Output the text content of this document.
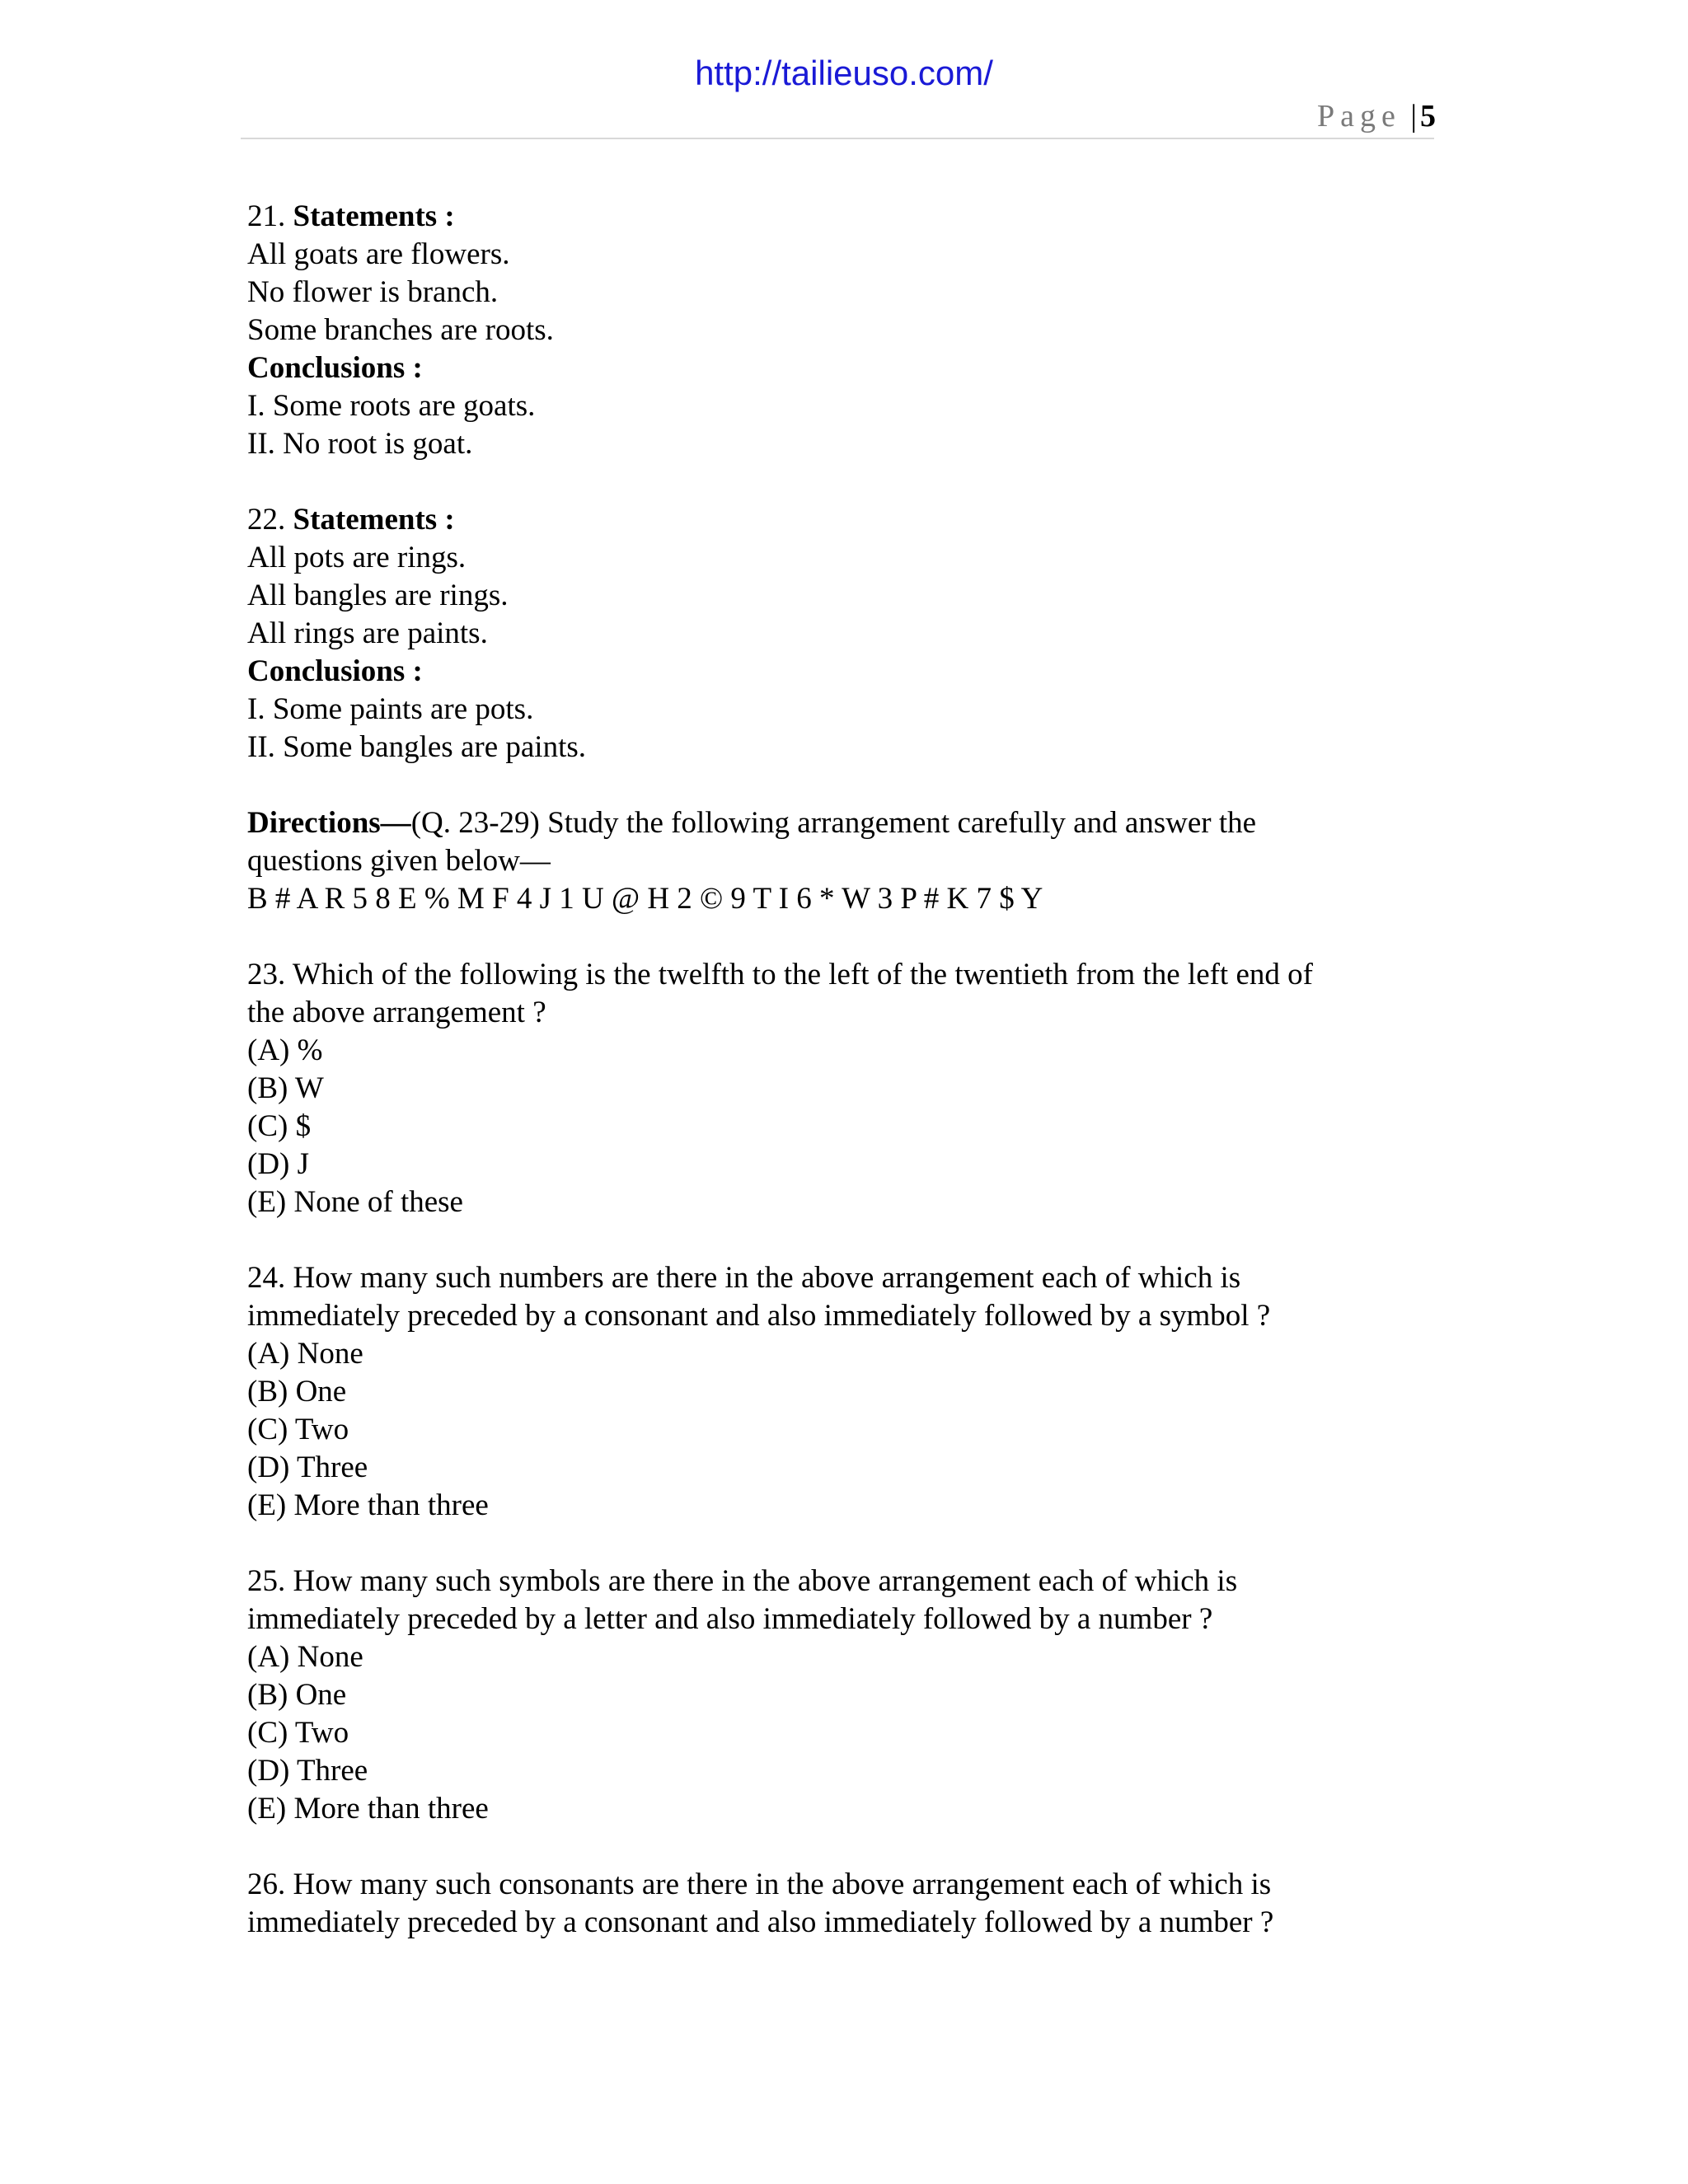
http://tailieuso.com/
Page | 5
21. Statements :
All goats are flowers.
No flower is branch.
Some branches are roots.
Conclusions :
I. Some roots are goats.
II. No root is goat.
22. Statements :
All pots are rings.
All bangles are rings.
All rings are paints.
Conclusions :
I. Some paints are pots.
II. Some bangles are paints.
Directions—(Q. 23-29) Study the following arrangement carefully and answer the
questions given below—
B # A R 5 8 E % M F 4 J 1 U @ H 2 © 9 T I 6 * W 3 P # K 7 $ Y
23. Which of the following is the twelfth to the left of the twentieth from the left end of
the above arrangement ?
(A) %
(B) W
(C) $
(D) J
(E) None of these
24. How many such numbers are there in the above arrangement each of which is
immediately preceded by a consonant and also immediately followed by a symbol ?
(A) None
(B) One
(C) Two
(D) Three
(E) More than three
25. How many such symbols are there in the above arrangement each of which is
immediately preceded by a letter and also immediately followed by a number ?
(A) None
(B) One
(C) Two
(D) Three
(E) More than three
26. How many such consonants are there in the above arrangement each of which is
immediately preceded by a consonant and also immediately followed by a number ?
